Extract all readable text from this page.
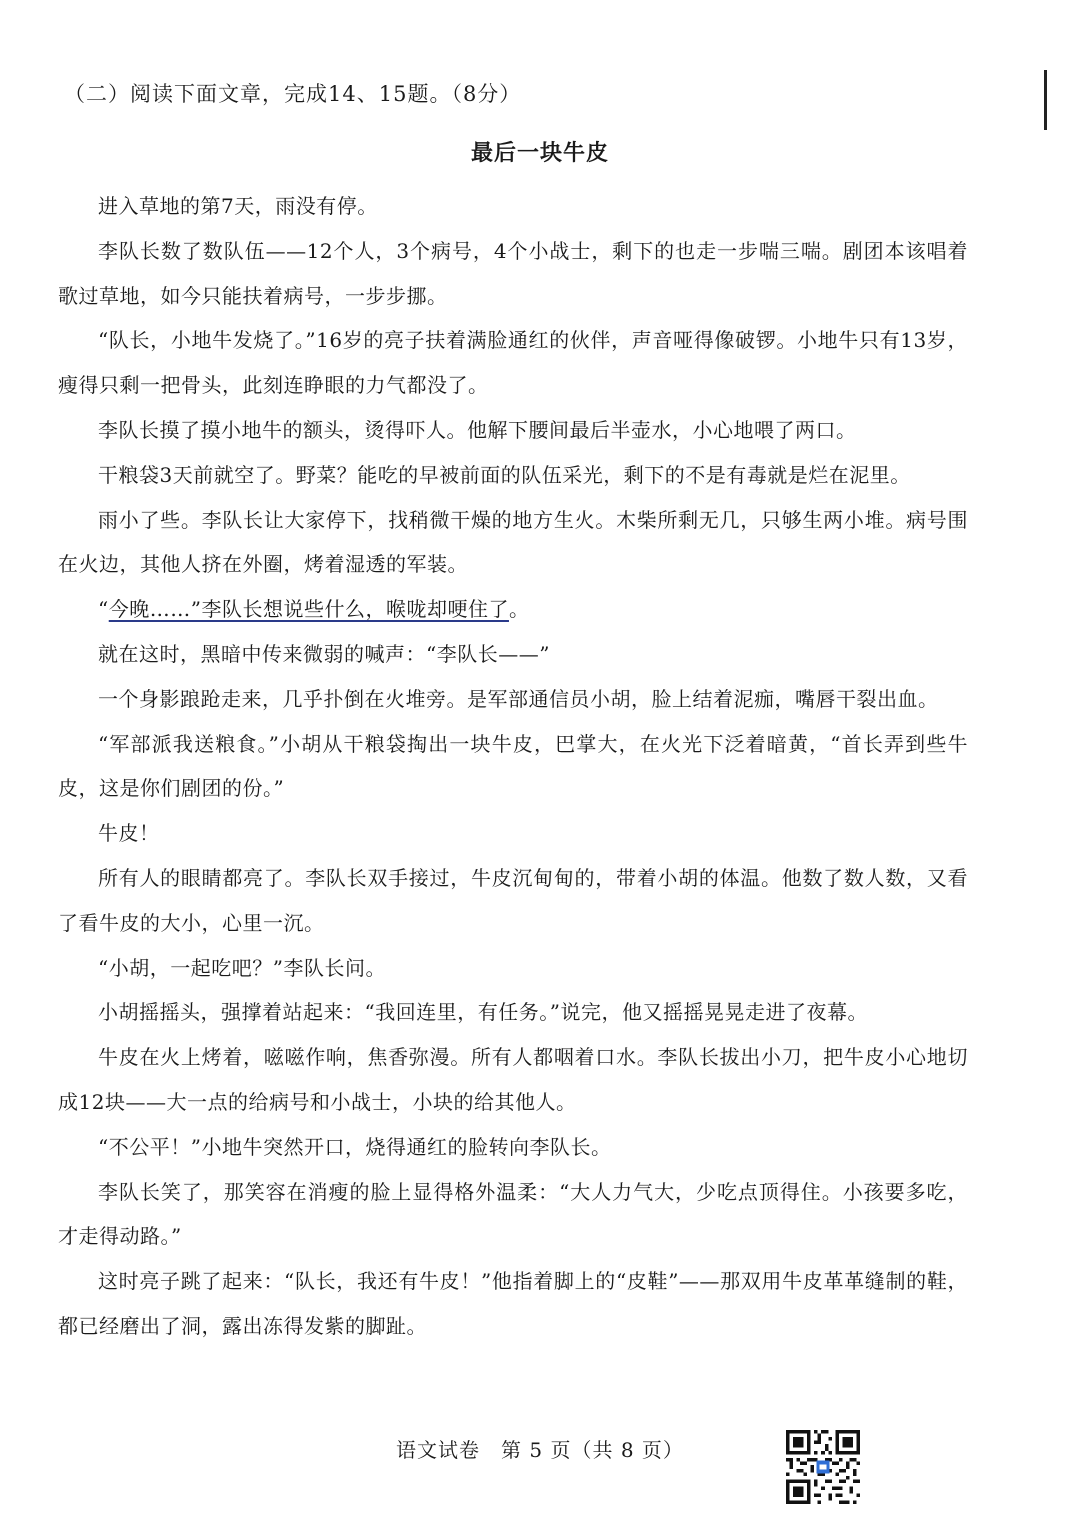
（二）阅读下面文章，完成14、15题。（8分）
最后一块牛皮

进入草地的第7天，雨没有停。

李队长数了数队伍——12个人，3个病号，4个小战士，剩下的也走一步喘三喘。剧团本该唱着歌过草地，如今只能扶着病号，一步步挪。

“队长，小地牛发烧了。”16岁的亮子扶着满脸通红的伙伴，声音哑得像破锣。小地牛只有13岁，瘦得只剩一把骨头，此刻连睁眼的力气都没了。

李队长摸了摸小地牛的额头，烫得吓人。他解下腰间最后半壶水，小心地喂了两口。

干粮袋3天前就空了。野菜？能吃的早被前面的队伍采光，剩下的不是有毒就是烂在泥里。

雨小了些。李队长让大家停下，找稍微干燥的地方生火。木柴所剩无几，只够生两小堆。病号围在火边，其他人挤在外圈，烤着湿透的军装。

“今晚……”李队长想说些什么，喉咙却哽住了。

就在这时，黑暗中传来微弱的喊声：“李队长——”

一个身影踉跄走来，几乎扑倒在火堆旁。是军部通信员小胡，脸上结着泥痂，嘴唇干裂出血。

“军部派我送粮食。”小胡从干粮袋掏出一块牛皮，巴掌大，在火光下泛着暗黄，“首长弄到些牛皮，这是你们剧团的份。”

牛皮！

所有人的眼睛都亮了。李队长双手接过，牛皮沉甸甸的，带着小胡的体温。他数了数人数，又看了看牛皮的大小，心里一沉。

“小胡，一起吃吧？”李队长问。

小胡摇摇头，强撑着站起来：“我回连里，有任务。”说完，他又摇摇晃晃走进了夜幕。

牛皮在火上烤着，嗞嗞作响，焦香弥漫。所有人都咽着口水。李队长拔出小刀，把牛皮小心地切成12块——大一点的给病号和小战士，小块的给其他人。

“不公平！”小地牛突然开口，烧得通红的脸转向李队长。

李队长笑了，那笑容在消瘦的脸上显得格外温柔：“大人力气大，少吃点顶得住。小孩要多吃，才走得动路。”

这时亮子跳了起来：“队长，我还有牛皮！”他指着脚上的“皮鞋”——那双用牛皮革革缝制的鞋，都已经磨出了洞，露出冻得发紫的脚趾。

语文试卷　第 5 页（共 8 页）
